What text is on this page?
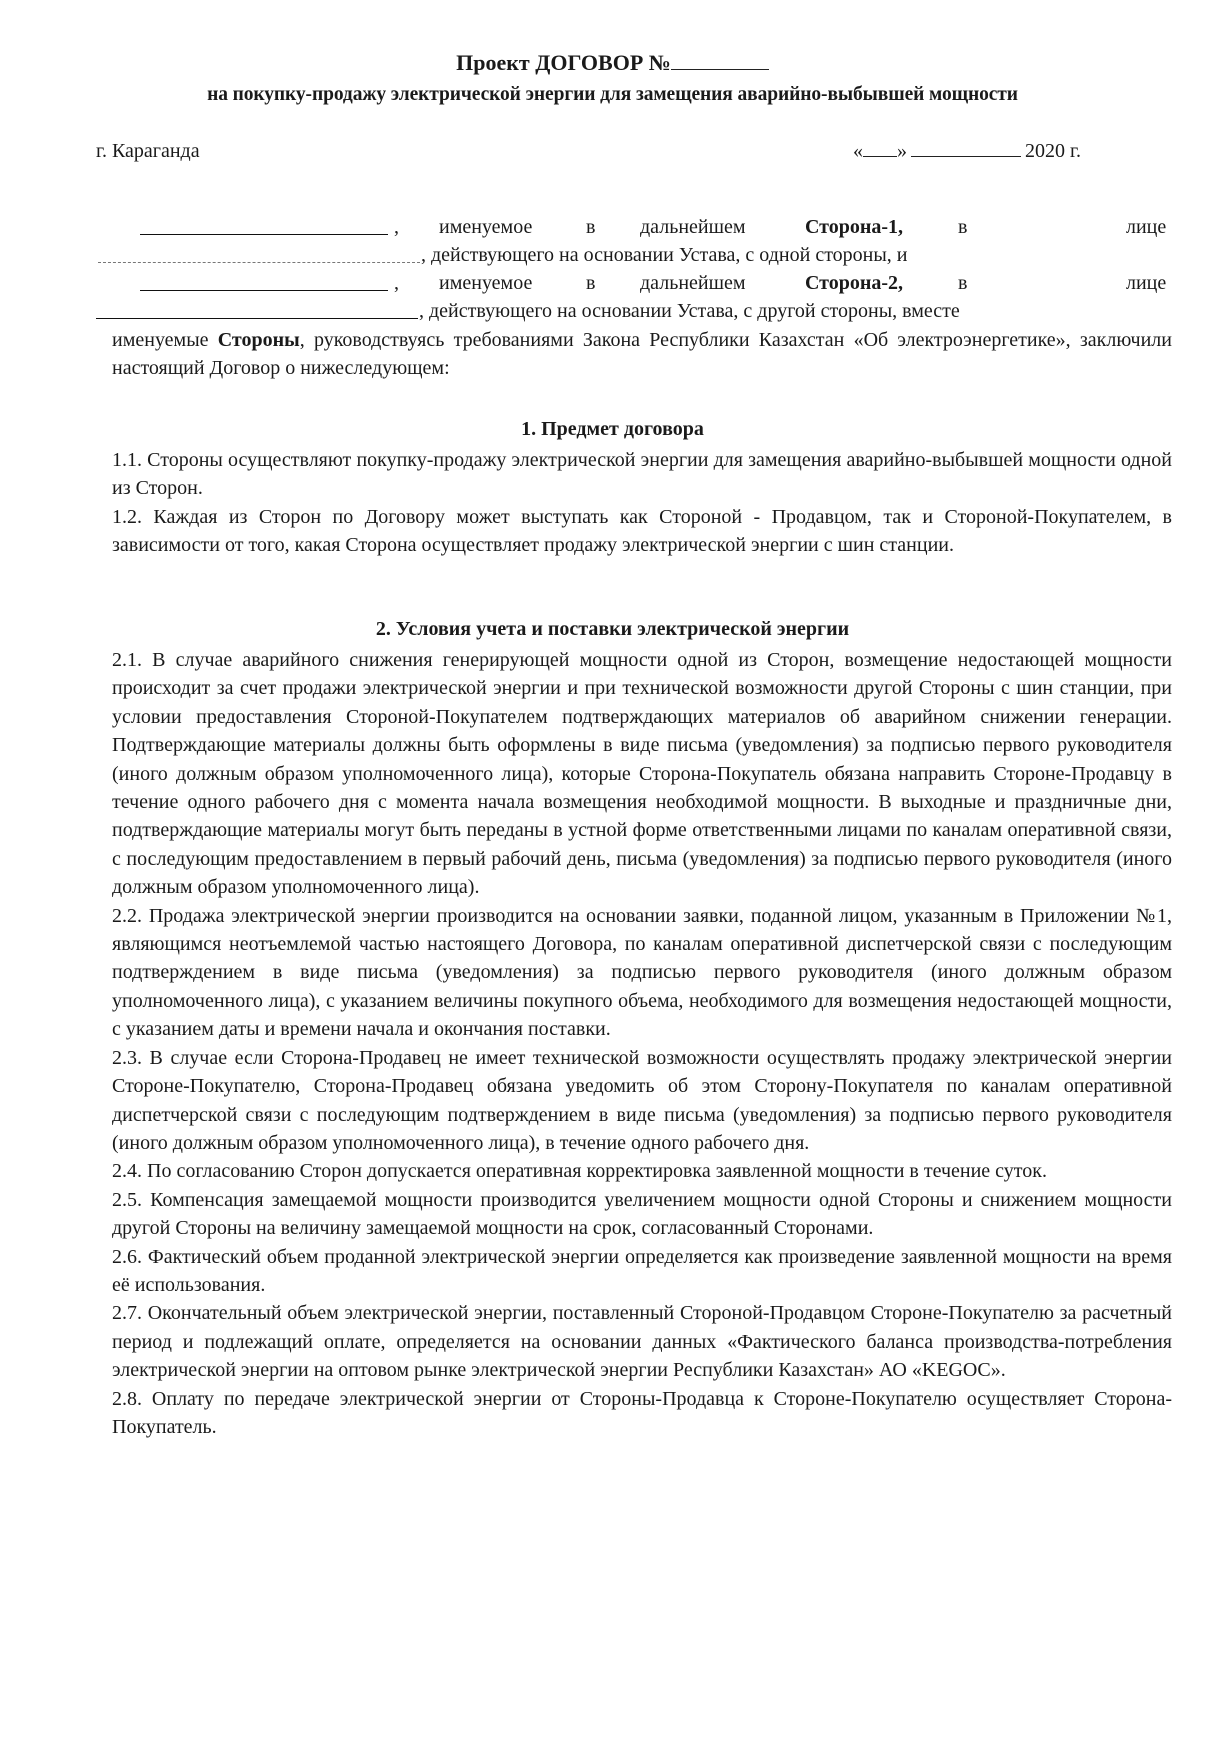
Проект ДОГОВОР №
на покупку-продажу электрической энергии для замещения аварийно-выбывшей мощности
г. Караганда	« »	2020 г.
, именуемое	в дальнейшем	Сторона-1,	в	лице
, действующего на основании Устава, с одной стороны, и
, именуемое	в дальнейшем	Сторона-2,	в	лице
, действующего на основании Устава, с другой стороны, вместе
именуемые Стороны, руководствуясь требованиями Закона Республики Казахстан «Об электроэнергетике», заключили настоящий Договор о нижеследующем:
1. Предмет договора

1.1. Стороны осуществляют покупку-продажу электрической энергии для замещения аварийно-выбывшей мощности одной из Сторон.

1.2. Каждая из Сторон по Договору может выступать как Стороной - Продавцом, так и Стороной-Покупателем, в зависимости от того, какая Сторона осуществляет продажу электрической энергии с шин станции.

2. Условия учета и поставки электрической энергии

2.1. В случае аварийного снижения генерирующей мощности одной из Сторон, возмещение недостающей мощности происходит за счет продажи электрической энергии и при технической возможности другой Стороны с шин станции, при условии предоставления Стороной-Покупателем подтверждающих материалов об аварийном снижении генерации. Подтверждающие материалы должны быть оформлены в виде письма (уведомления) за подписью первого руководителя (иного должным образом уполномоченного лица), которые Сторона-Покупатель обязана направить Стороне-Продавцу в течение одного рабочего дня с момента начала возмещения необходимой мощности. В выходные и праздничные дни, подтверждающие материалы могут быть переданы в устной форме ответственными лицами по каналам оперативной связи, с последующим предоставлением в первый рабочий день, письма (уведомления) за подписью первого руководителя (иного должным образом уполномоченного лица).

2.2. Продажа электрической энергии производится на основании заявки, поданной лицом, указанным в Приложении №1, являющимся неотъемлемой частью настоящего Договора, по каналам оперативной диспетчерской связи с последующим подтверждением в виде письма (уведомления) за подписью первого руководителя (иного должным образом уполномоченного лица), с указанием величины покупного объема, необходимого для возмещения недостающей мощности, с указанием даты и времени начала и окончания поставки.

2.3. В случае если Сторона-Продавец не имеет технической возможности осуществлять продажу электрической энергии Стороне-Покупателю, Сторона-Продавец обязана уведомить об этом Сторону-Покупателя по каналам оперативной диспетчерской связи с последующим подтверждением в виде письма (уведомления) за подписью первого руководителя (иного должным образом уполномоченного лица), в течение одного рабочего дня.

2.4. По согласованию Сторон допускается оперативная корректировка заявленной мощности в течение суток.

2.5. Компенсация замещаемой мощности производится увеличением мощности одной Стороны и снижением мощности другой Стороны на величину замещаемой мощности на срок, согласованный Сторонами.

2.6. Фактический объем проданной электрической энергии определяется как произведение заявленной мощности на время её использования.

2.7. Окончательный объем электрической энергии, поставленный Стороной-Продавцом Стороне-Покупателю за расчетный период и подлежащий оплате, определяется на основании данных «Фактического баланса производства-потребления электрической энергии на оптовом рынке электрической энергии Республики Казахстан» АО «KEGOC».

2.8. Оплату по передаче электрической энергии от Стороны-Продавца к Стороне-Покупателю осуществляет Сторона-Покупатель.
